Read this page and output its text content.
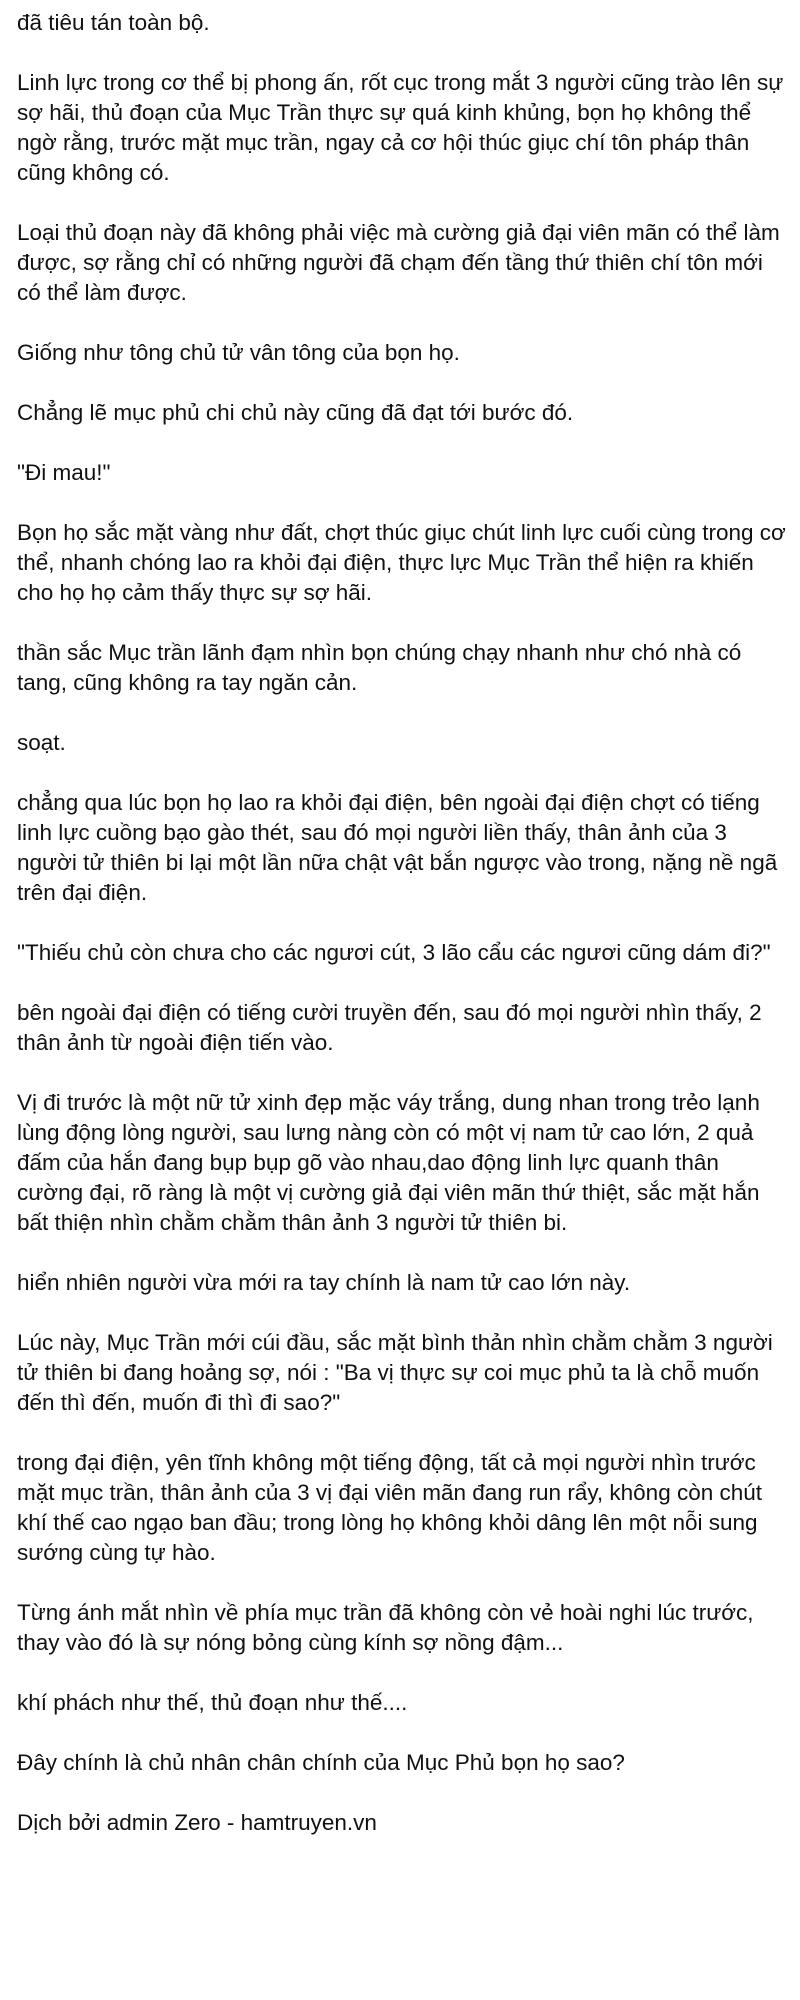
đã tiêu tán toàn bộ.

Linh lực trong cơ thể bị phong ấn, rốt cục trong mắt 3 người cũng trào lên sự sợ hãi, thủ đoạn của Mục Trần thực sự quá kinh khủng, bọn họ không thể ngờ rằng, trước mặt mục trần, ngay cả cơ hội thúc giục chí tôn pháp thân cũng không có.

Loại thủ đoạn này đã không phải việc mà cường giả đại viên mãn có thể làm được, sợ rằng chỉ có những người đã chạm đến tầng thứ thiên chí tôn mới có thể làm được.

Giống như tông chủ tử vân tông của bọn họ.

Chẳng lẽ mục phủ chi chủ này cũng đã đạt tới bước đó.

"Đi mau!"

Bọn họ sắc mặt vàng như đất, chợt thúc giục chút linh lực cuối cùng trong cơ thể, nhanh chóng lao ra khỏi đại điện, thực lực Mục Trần thể hiện ra khiến cho họ họ cảm thấy thực sự sợ hãi.

thần sắc Mục trần lãnh đạm nhìn bọn chúng chạy nhanh như chó nhà có tang, cũng không ra tay ngăn cản.

soạt.

chẳng qua lúc bọn họ lao ra khỏi đại điện, bên ngoài đại điện chợt có tiếng linh lực cuồng bạo gào thét, sau đó mọi người liền thấy, thân ảnh của 3 người tử thiên bi lại một lần nữa chật vật bắn ngược vào trong, nặng nề ngã trên đại điện.

"Thiếu chủ còn chưa cho các ngươi cút, 3 lão cẩu các ngươi cũng dám đi?"

bên ngoài đại điện có tiếng cười truyền đến, sau đó mọi người nhìn thấy, 2 thân ảnh từ ngoài điện tiến vào.

Vị đi trước là một nữ tử xinh đẹp mặc váy trắng, dung nhan trong trẻo lạnh lùng động lòng người, sau lưng nàng còn có một vị nam tử cao lớn, 2 quả đấm của hắn đang bụp bụp gõ vào nhau,dao động linh lực quanh thân cường đại, rõ ràng là một vị cường giả đại viên mãn thứ thiệt, sắc mặt hắn bất thiện nhìn chằm chằm thân ảnh 3 người tử thiên bi.

hiển nhiên người vừa mới ra tay chính là nam tử cao lớn này.

Lúc này, Mục Trần mới cúi đầu, sắc mặt bình thản nhìn chằm chằm 3 người tử thiên bi đang hoảng sợ, nói : "Ba vị thực sự coi mục phủ ta là chỗ muốn đến thì đến, muốn đi thì đi sao?"

trong đại điện, yên tĩnh không một tiếng động, tất cả mọi người nhìn trước mặt mục trần, thân ảnh của 3 vị đại viên mãn đang run rẩy, không còn chút khí thế cao ngạo ban đầu; trong lòng họ không khỏi dâng lên một nỗi sung sướng cùng tự hào.

Từng ánh mắt nhìn về phía mục trần đã không còn vẻ hoài nghi lúc trước, thay vào đó là sự nóng bỏng cùng kính sợ nồng đậm...

khí phách như thế, thủ đoạn như thế....

Đây chính là chủ nhân chân chính của Mục Phủ bọn họ sao?

Dịch bởi admin Zero - hamtruyen.vn
